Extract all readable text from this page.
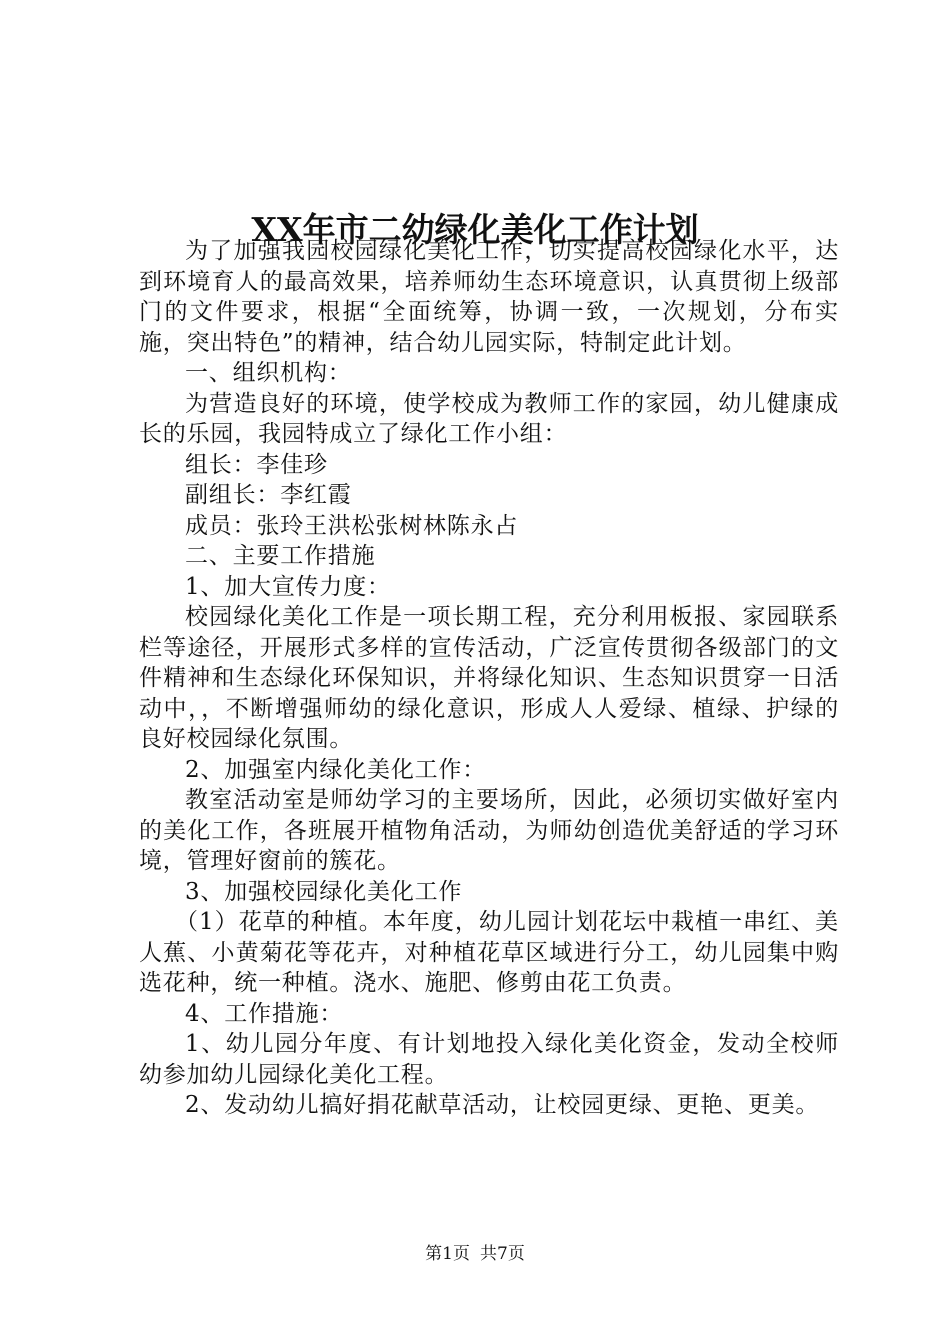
XX年市二幼绿化美化工作计划

为了加强我园校园绿化美化工作，切实提高校园绿化水平，达到环境育人的最高效果，培养师幼生态环境意识，认真贯彻上级部门的文件要求，根据“全面统筹，协调一致，一次规划，分布实施，突出特色”的精神，结合幼儿园实际，特制定此计划。

一、组织机构：

为营造良好的环境，使学校成为教师工作的家园，幼儿健康成长的乐园，我园特成立了绿化工作小组：

组长：李佳珍

副组长：李红霞

成员：张玲王洪松张树林陈永占

二、主要工作措施

1、加大宣传力度：

校园绿化美化工作是一项长期工程，充分利用板报、家园联系栏等途径，开展形式多样的宣传活动，广泛宣传贯彻各级部门的文件精神和生态绿化环保知识，并将绿化知识、生态知识贯穿一日活动中，，不断增强师幼的绿化意识，形成人人爱绿、植绿、护绿的良好校园绿化氛围。

2、加强室内绿化美化工作：

教室活动室是师幼学习的主要场所，因此，必须切实做好室内的美化工作，各班展开植物角活动，为师幼创造优美舒适的学习环境，管理好窗前的簇花。

3、加强校园绿化美化工作

（1）花草的种植。本年度，幼儿园计划花坛中栽植一串红、美人蕉、小黄菊花等花卉，对种植花草区域进行分工，幼儿园集中购选花种，统一种植。浇水、施肥、修剪由花工负责。

4、工作措施：

1、幼儿园分年度、有计划地投入绿化美化资金，发动全校师幼参加幼儿园绿化美化工程。

2、发动幼儿搞好捐花献草活动，让校园更绿、更艳、更美。

第1页 共7页
